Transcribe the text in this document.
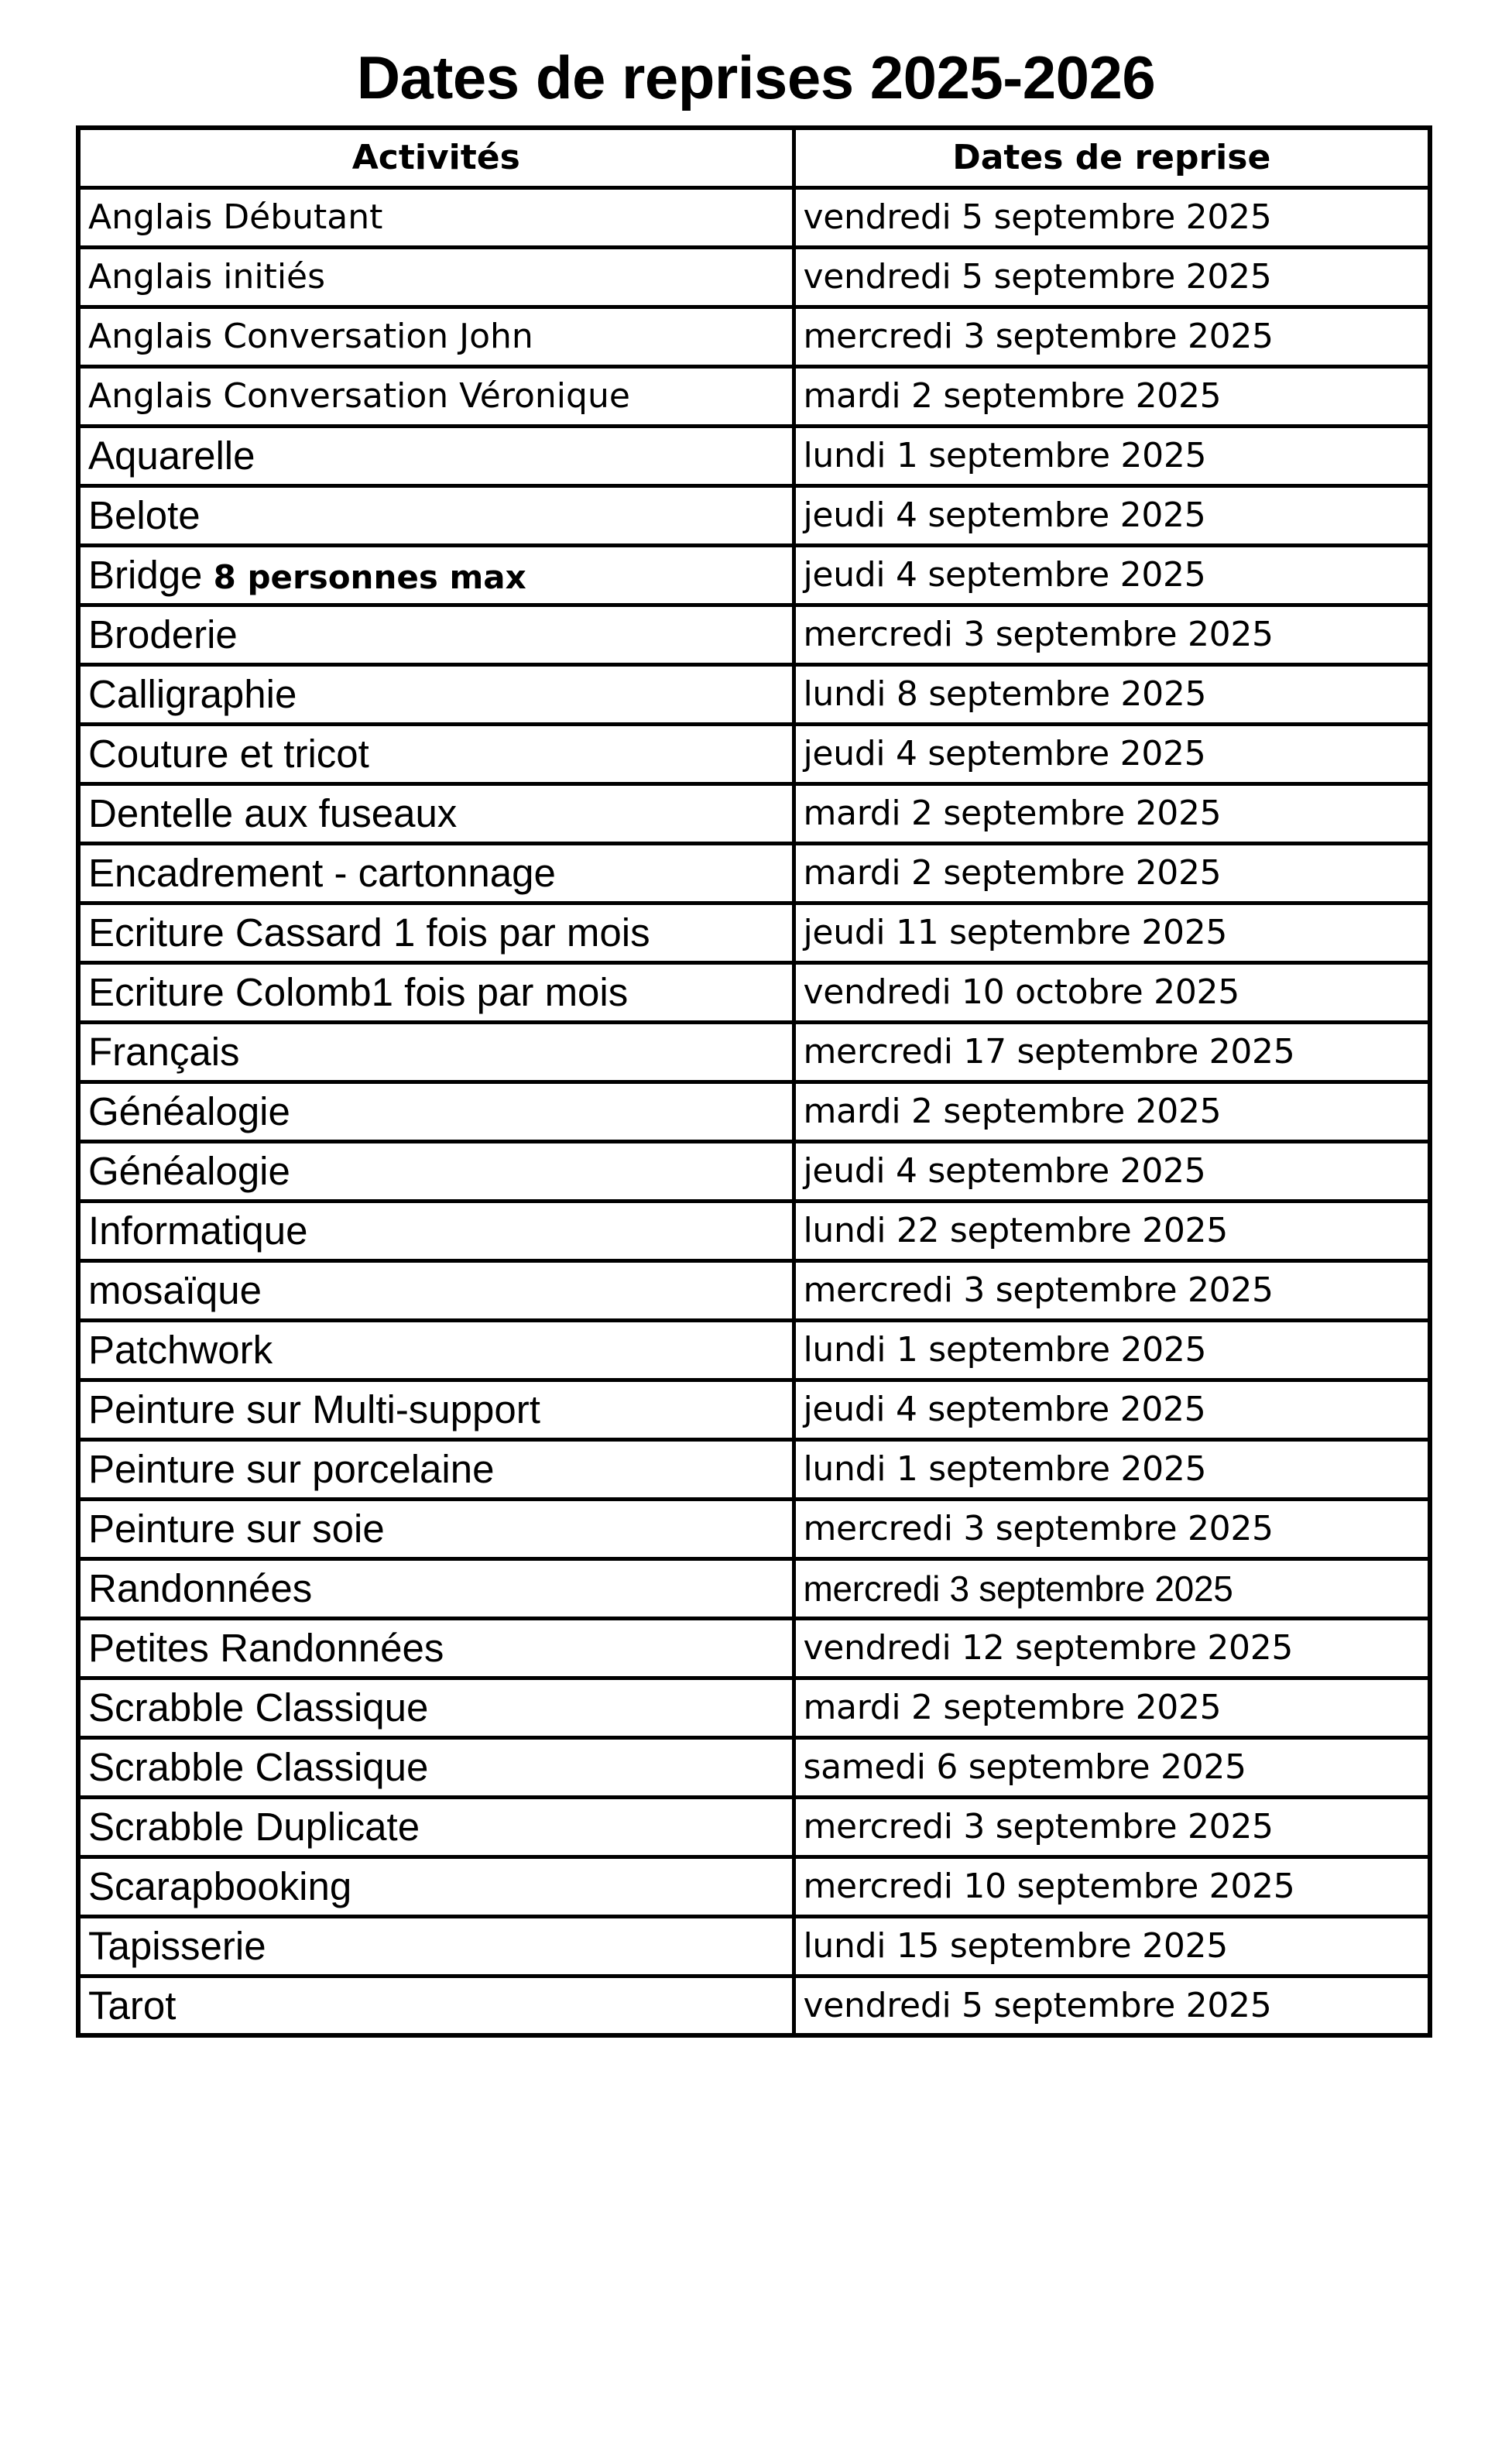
Dates de reprises 2025-2026
Activités	Dates de reprise
Anglais Débutant	vendredi 5 septembre 2025
Anglais initiés	vendredi 5 septembre 2025
Anglais Conversation John	mercredi 3 septembre 2025
Anglais Conversation Véronique	mardi 2 septembre 2025
Aquarelle	lundi 1 septembre 2025
Belote	jeudi 4 septembre 2025
Bridge 8 personnes max	jeudi 4 septembre 2025
Broderie	mercredi 3 septembre 2025
Calligraphie	lundi 8 septembre 2025
Couture et tricot	jeudi 4 septembre 2025
Dentelle aux fuseaux	mardi 2 septembre 2025
Encadrement - cartonnage	mardi 2 septembre 2025
Ecriture Cassard 1 fois par mois	jeudi 11 septembre 2025
Ecriture Colomb1 fois par mois	vendredi 10 octobre 2025
Français	mercredi 17 septembre 2025
Généalogie	mardi 2 septembre 2025
Généalogie	jeudi 4 septembre 2025
Informatique	lundi 22 septembre 2025
mosaïque	mercredi 3 septembre 2025
Patchwork	lundi 1 septembre 2025
Peinture sur Multi-support	jeudi 4 septembre 2025
Peinture sur porcelaine	lundi 1 septembre 2025
Peinture sur soie	mercredi 3 septembre 2025
Randonnées	mercredi 3 septembre 2025
Petites Randonnées	vendredi 12 septembre 2025
Scrabble Classique	mardi 2 septembre 2025
Scrabble Classique	samedi 6 septembre 2025
Scrabble Duplicate	mercredi 3 septembre 2025
Scarapbooking	mercredi 10 septembre 2025
Tapisserie	lundi 15 septembre 2025
Tarot	vendredi 5 septembre 2025
